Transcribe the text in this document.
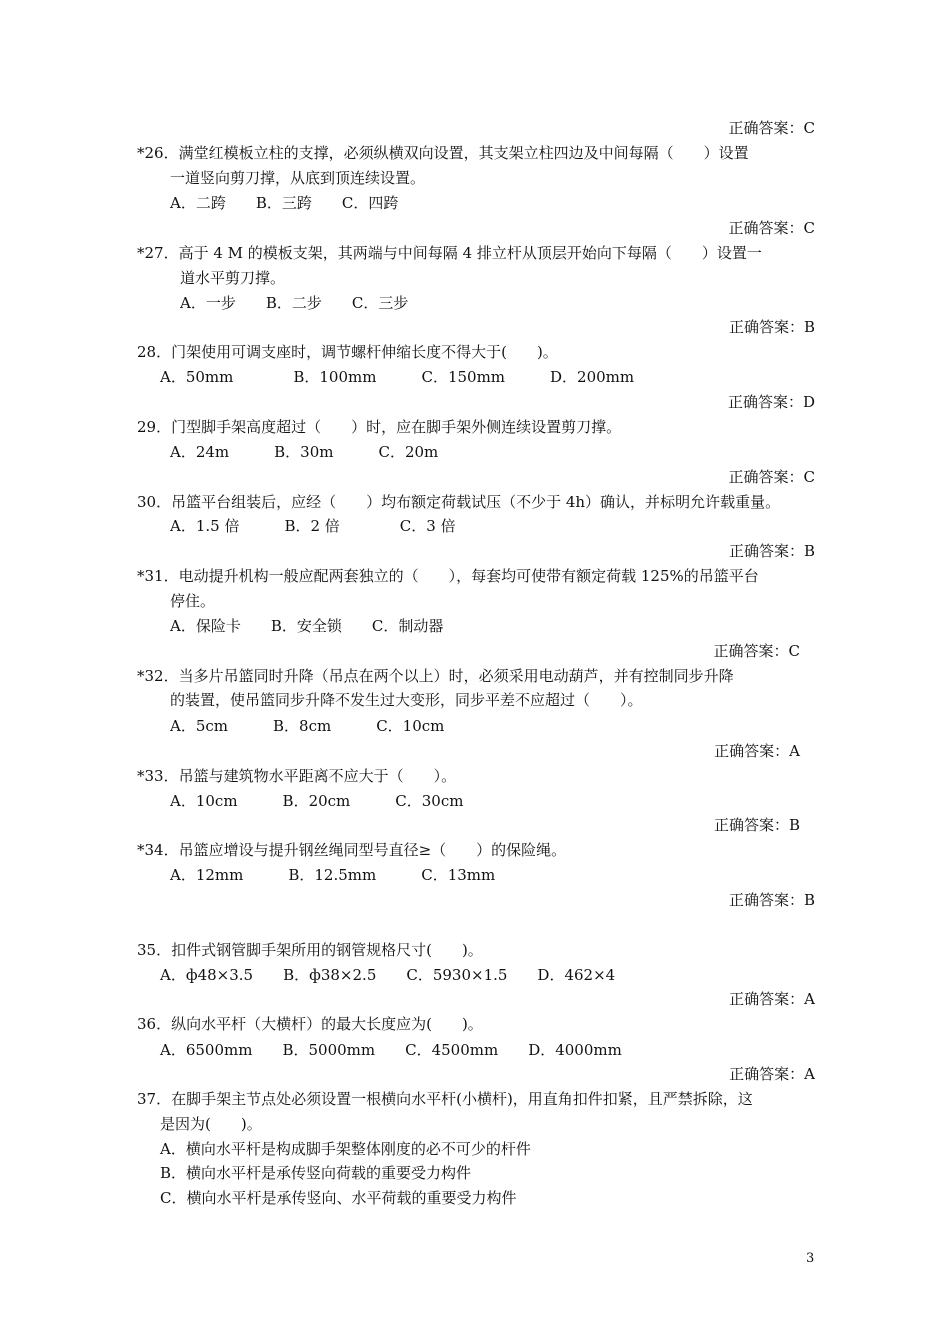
正确答案：C
*26．满堂红模板立柱的支撑，必须纵横双向设置，其支架立柱四边及中间每隔（　　）设置
一道竖向剪刀撑，从底到顶连续设置。
A．二跨　　B．三跨　　C．四跨
正确答案：C
*27．高于 4 M 的模板支架，其两端与中间每隔 4 排立杆从顶层开始向下每隔（　　）设置一
道水平剪刀撑。
A．一步　　B．二步　　C．三步
正确答案：B
28．门架使用可调支座时，调节螺杆伸缩长度不得大于(　　)。
A．50mm　　　　B．100mm　　　C．150mm　　　D．200mm
正确答案：D
29．门型脚手架高度超过（　　）时，应在脚手架外侧连续设置剪刀撑。
A．24m　　　B．30m　　　C．20m
正确答案：C
30．吊篮平台组装后，应经（　　）均布额定荷载试压（不少于 4h）确认，并标明允许载重量。
A．1.5 倍　　　B．2 倍　　　　C．3 倍
正确答案：B
*31．电动提升机构一般应配两套独立的（　　），每套均可使带有额定荷载 125%的吊篮平台
停住。
A．保险卡　　B．安全锁　　C．制动器
正确答案：C
*32．当多片吊篮同时升降（吊点在两个以上）时，必须采用电动葫芦，并有控制同步升降
的装置，使吊篮同步升降不发生过大变形，同步平差不应超过（　　）。
A．5cm　　　B．8cm　　　C．10cm
正确答案：A
*33．吊篮与建筑物水平距离不应大于（　　）。
A．10cm　　　B．20cm　　　C．30cm
正确答案：B
*34．吊篮应增设与提升钢丝绳同型号直径≥（　　）的保险绳。
A．12mm　　　B．12.5mm　　　C．13mm
正确答案：B
35．扣件式钢管脚手架所用的钢管规格尺寸(　　)。
A．ф48×3.5　　B．ф38×2.5　　C．5930×1.5　　D．462×4
正确答案：A
36．纵向水平杆（大横杆）的最大长度应为(　　)。
A．6500mm　　B．5000mm　　C．4500mm　　D．4000mm
正确答案：A
37．在脚手架主节点处必须设置一根横向水平杆(小横杆)，用直角扣件扣紧，且严禁拆除，这
是因为(　　)。
A．横向水平杆是构成脚手架整体刚度的必不可少的杆件
B．横向水平杆是承传竖向荷载的重要受力构件
C．横向水平杆是承传竖向、水平荷载的重要受力构件
3
